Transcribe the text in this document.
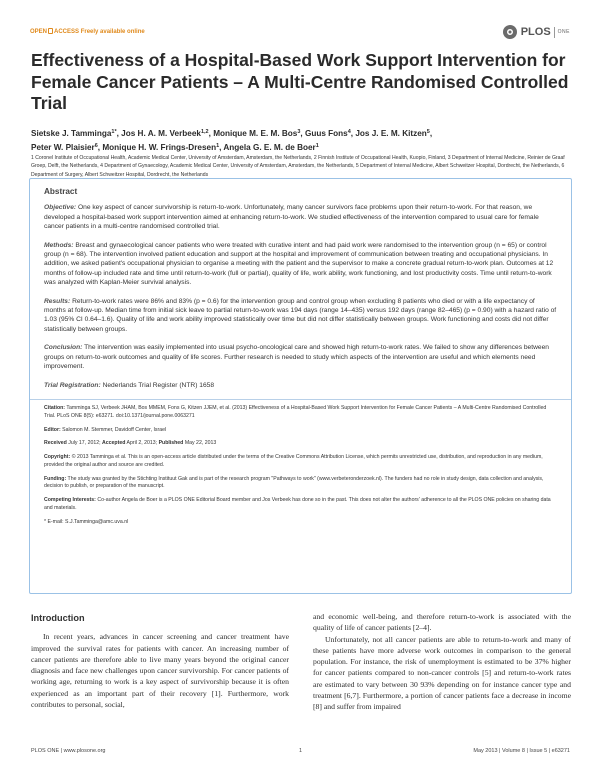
OPEN ACCESS Freely available online	PLOS ONE
Effectiveness of a Hospital-Based Work Support Intervention for Female Cancer Patients – A Multi-Centre Randomised Controlled Trial
Sietske J. Tamminga$^{1*}$, Jos H. A. M. Verbeek$^{1,2}$, Monique M. E. M. Bos$^3$, Guus Fons$^4$, Jos J. E. M. Kitzen$^5$,
Peter W. Plaisier$^6$, Monique H. W. Frings-Dresen$^1$, Angela G. E. M. de Boer$^1$
1 Coronel Institute of Occupational Health, Academic Medical Center, University of Amsterdam, Amsterdam, the Netherlands, 2 Finnish Institute of Occupational Health, Kuopio, Finland, 3 Department of Internal Medicine, Reinier de Graaf Groep, Delft, the Netherlands, 4 Department of Gynaecology, Academic Medical Center, University of Amsterdam, Amsterdam, the Netherlands, 5 Department of Internal Medicine, Albert Schweitzer Hospital, Dordrecht, the Netherlands, 6 Department of Surgery, Albert Schweitzer Hospital, Dordrecht, the Netherlands
Abstract

Objective: One key aspect of cancer survivorship is return-to-work. Unfortunately, many cancer survivors face problems upon their return-to-work. For that reason, we developed a hospital-based work support intervention aimed at enhancing return-to-work. We studied effectiveness of the intervention compared to usual care for female cancer patients in a multi-centre randomised controlled trial.

Methods: Breast and gynaecological cancer patients who were treated with curative intent and had paid work were randomised to the intervention group (n = 65) or control group (n = 68). The intervention involved patient education and support at the hospital and improvement of communication between treating and occupational physicians. In addition, we asked patient's occupational physician to organise a meeting with the patient and the supervisor to make a concrete gradual return-to-work plan. Outcomes at 12 months of follow-up included rate and time until return-to-work (full or partial), quality of life, work ability, work functioning, and lost productivity costs. Time until return-to-work was analyzed with Kaplan-Meier survival analysis.

Results: Return-to-work rates were 86% and 83% (p = 0.6) for the intervention group and control group when excluding 8 patients who died or with a life expectancy of months at follow-up. Median time from initial sick leave to partial return-to-work was 194 days (range 14–435) versus 192 days (range 82–465) (p = 0.90) with a hazard ratio of 1.03 (95% CI 0.64–1.6). Quality of life and work ability improved statistically over time but did not differ statistically between groups. Work functioning and costs did not differ statistically between groups.

Conclusion: The intervention was easily implemented into usual psycho-oncological care and showed high return-to-work rates. We failed to show any differences between groups on return-to-work outcomes and quality of life scores. Further research is needed to study which aspects of the intervention are useful and which elements need improvement.

Trial Registration: Nederlands Trial Register (NTR) 1658

Citation: Tamminga SJ, Verbeek JHAM, Bos MMEM, Fons G, Kitzen JJEM, et al. (2013) Effectiveness of a Hospital-Based Work Support Intervention for Female Cancer Patients – A Multi-Centre Randomised Controlled Trial. PLoS ONE 8(5): e63271. doi:10.1371/journal.pone.0063271

Editor: Salomon M. Stemmer, Davidoff Center, Israel

Received July 17, 2012; Accepted April 2, 2013; Published May 22, 2013

Copyright: © 2013 Tamminga et al. This is an open-access article distributed under the terms of the Creative Commons Attribution License, which permits unrestricted use, distribution, and reproduction in any medium, provided the original author and source are credited.

Funding: The study was granted by the Stichting Instituut Gak and is part of the research program "Pathways to work" (www.verbeteronderzoek.nl). The funders had no role in study design, data collection and analysis, decision to publish, or preparation of the manuscript.

Competing Interests: Co-author Angela de Boer is a PLOS ONE Editorial Board member and Jos Verbeek has done so in the past. This does not alter the authors' adherence to all the PLOS ONE policies on sharing data and materials.

* E-mail: S.J.Tamminga@amc.uva.nl

Introduction

In recent years, advances in cancer screening and cancer treatment have improved the survival rates for patients with cancer. An increasing number of cancer patients are therefore able to live many years beyond the original cancer diagnosis and face new challenges upon cancer survivorship. For cancer patients of working age, returning to work is a key aspect of survivorship because it is often experienced as an important part of their recovery [1]. Furthermore, work contributes to personal, social,

and economic well-being, and therefore return-to-work is associated with the quality of life of cancer patients [2–4].

Unfortunately, not all cancer patients are able to return-to-work and many of these patients have more adverse work outcomes in comparison to the general population. For instance, the risk of unemployment is estimated to be 37% higher for cancer patients compared to non-cancer controls [5] and return-to-work rates are estimated to vary between 30 93% depending on for instance cancer type and treatment [6,7]. Furthermore, a portion of cancer patients face a decrease in income [8] and suffer from impaired

PLOS ONE | www.plosone.org	1	May 2013 | Volume 8 | Issue 5 | e63271
